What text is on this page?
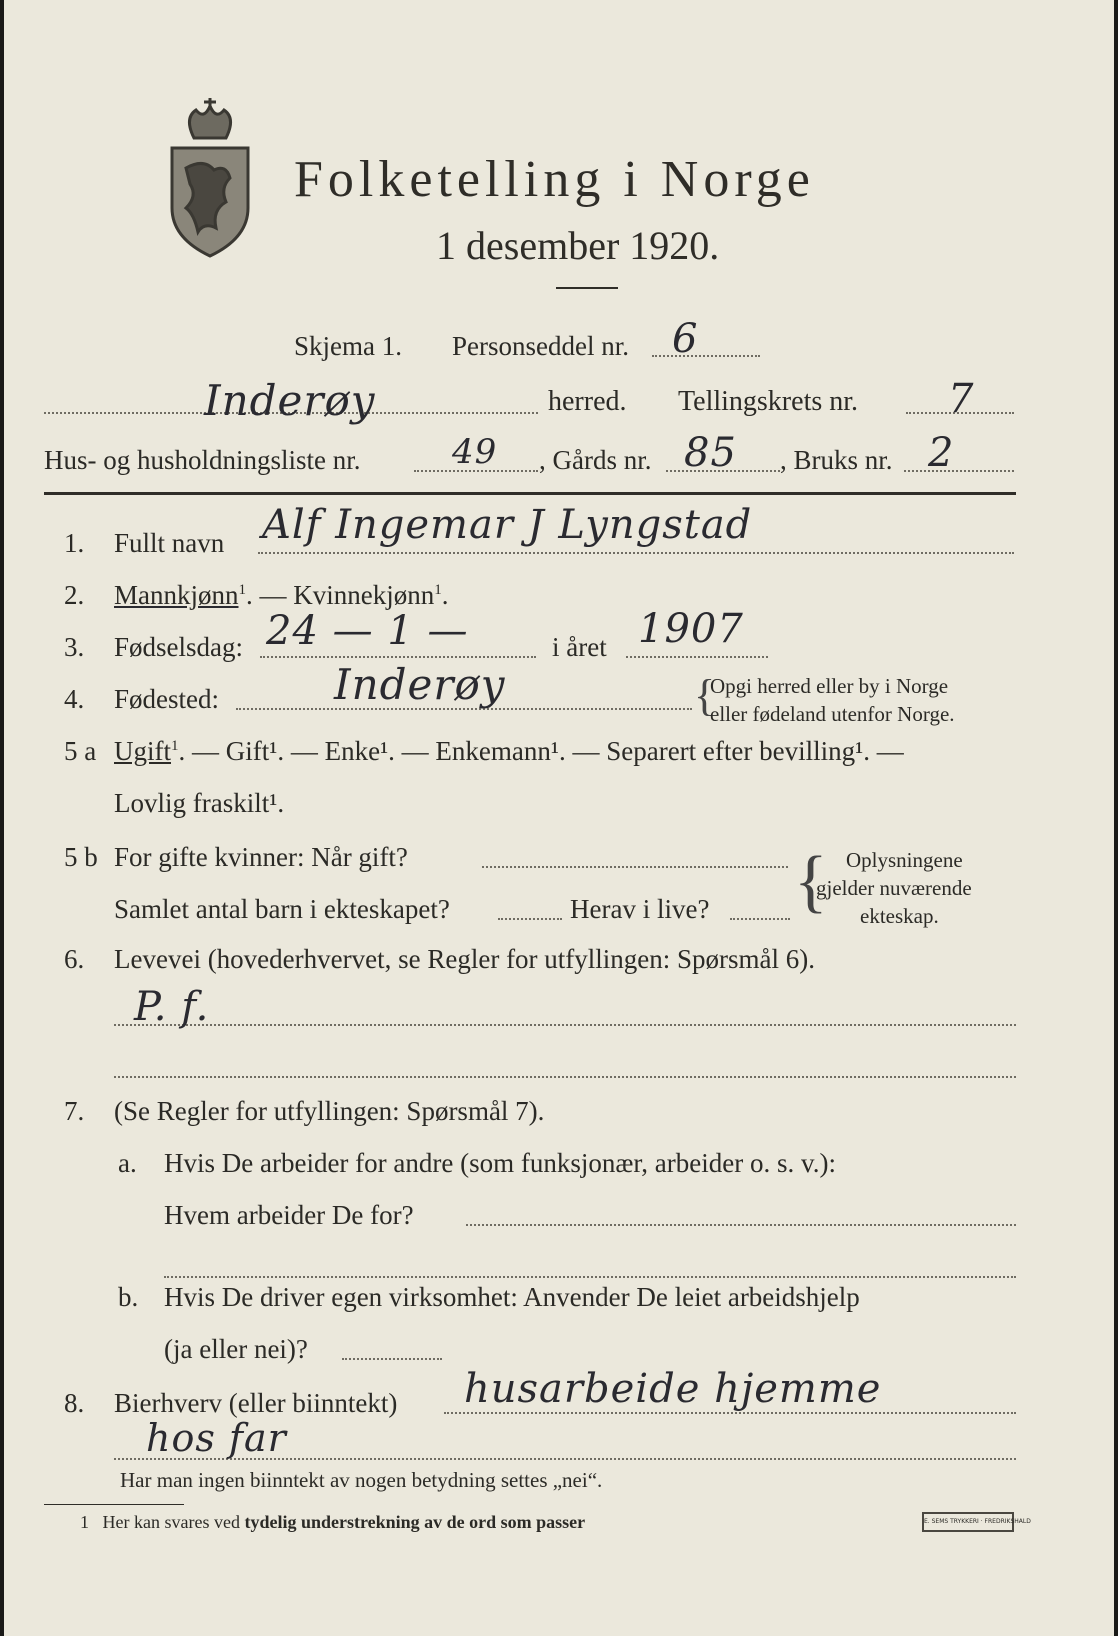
Folketelling i Norge
1 desember 1920.
Skjema 1. Personseddel nr. 6
Inderøy	herred. Tellingskrets nr. 7
Hus- og husholdningsliste nr.	49 , Gårds nr. 85 , Bruks nr. 2
1. Fullt navn Alf Ingemar J Lyngstad
2. Mannkjønn$^1$. — Kvinnekjønn$^1$.
3. Fødselsdag: 24 — 1 —	i året 1907
4. Fødested:	Inderøy	{
Opgi herred eller by i Norge
eller fødeland utenfor Norge.
5 a Ugift$^1$. — Gift¹. — Enke¹. — Enkemann¹. — Separert efter bevilling¹. —
Lovlig fraskilt¹.
5 b For gifte kvinner: Når gift?
Samlet antal barn i ekteskapet?	Herav i live? { Oplysningene
gjelder nuværende
ekteskap.
6. Levevei (hovederhvervet, se Regler for utfyllingen: Spørsmål 6).
P. f.
7. (Se Regler for utfyllingen: Spørsmål 7).
a. Hvis De arbeider for andre (som funksjonær, arbeider o. s. v.):
Hvem arbeider De for?
b. Hvis De driver egen virksomhet: Anvender De leiet arbeidshjelp
(ja eller nei)?
8. Bierhverv (eller biinntekt) husarbeide hjemme
hos far
Har man ingen biinntekt av nogen betydning settes „nei“.
1 Her kan svares ved tydelig understrekning av de ord som passer	E. SEMS TRYKKERI · FREDRIKSHALD
